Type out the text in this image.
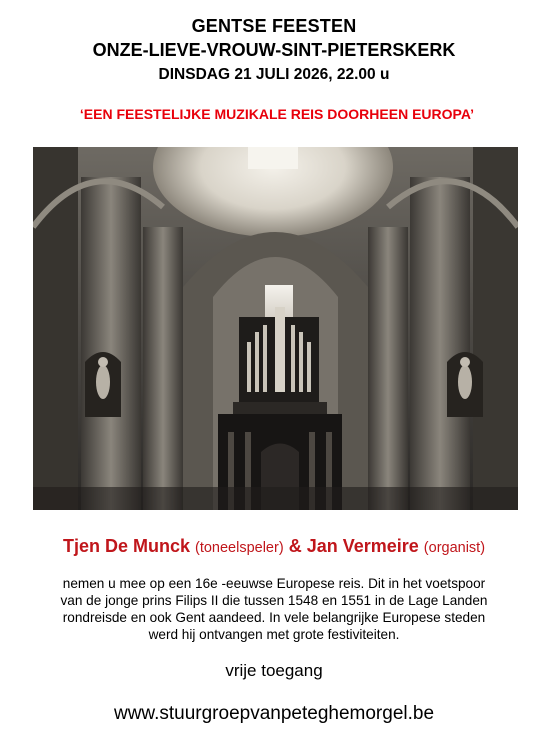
GENTSE FEESTEN
ONZE-LIEVE-VROUW-SINT-PIETERSKERK
DINSDAG 21 JULI 2026, 22.00 u
‘EEN FEESTELIJKE MUZIKALE REIS DOORHEEN EUROPA’
Tjen De Munck (toneelspeler) & Jan Vermeire (organist)
nemen u mee op een 16e -eeuwse Europese reis. Dit in het voetspoor
van de jonge prins Filips II die tussen 1548 en 1551 in de Lage Landen
rondreisde en ook Gent aandeed. In vele belangrijke Europese steden
werd hij ontvangen met grote festiviteiten.
vrije toegang
www.stuurgroepvanpeteghemorgel.be
